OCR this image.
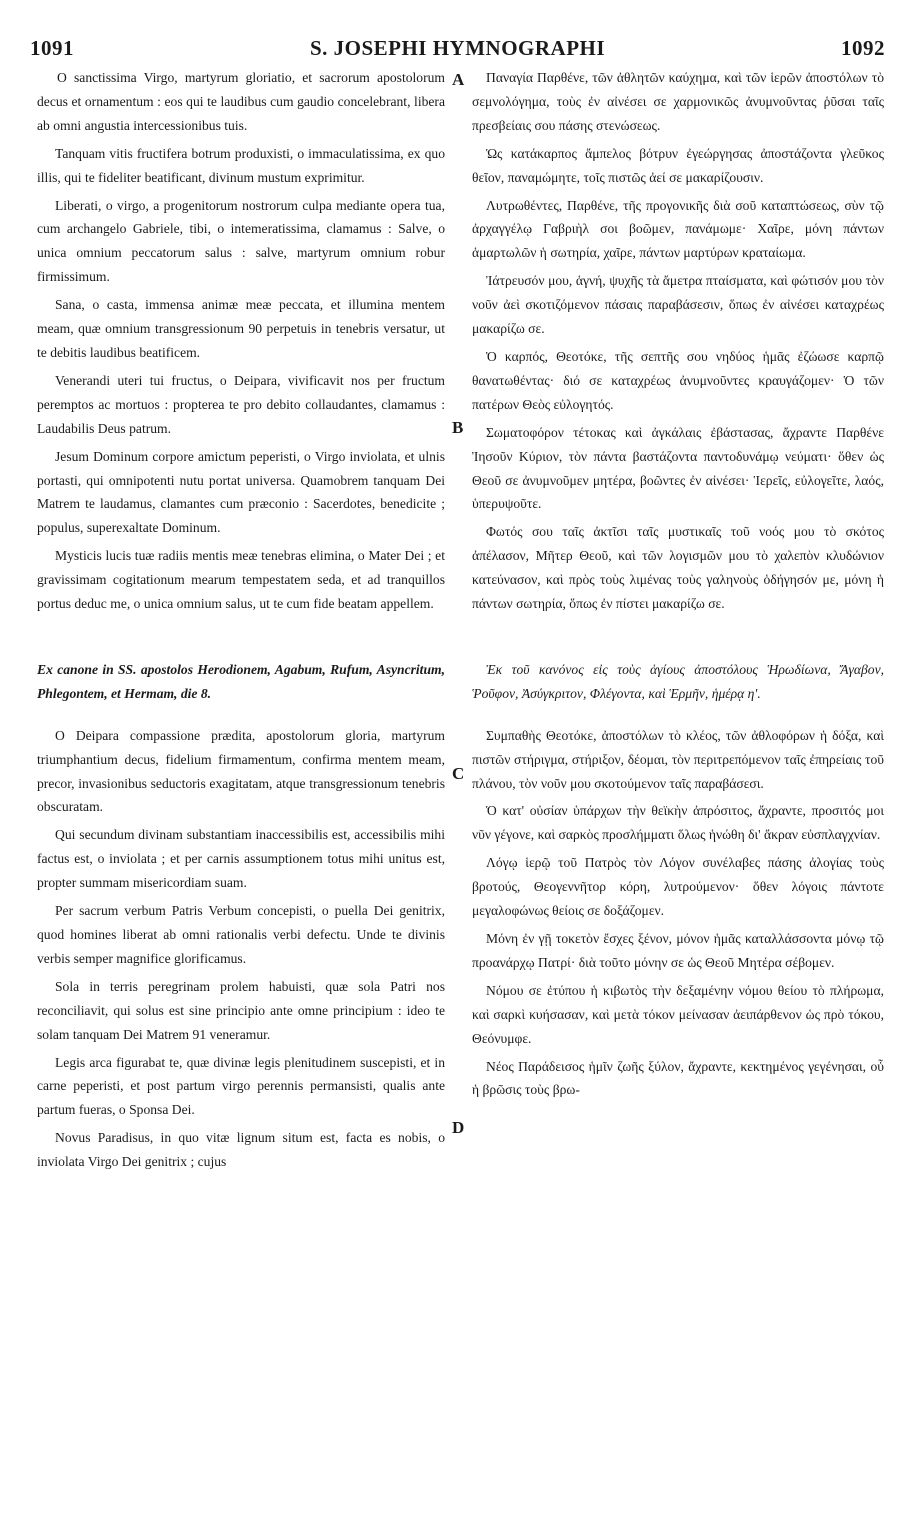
1091	S. JOSEPHI HYMNOGRAPHI	1092
A
B
C
D

O sanctissima Virgo, martyrum gloriatio, et sacrorum apostolorum decus et ornamentum : eos qui te laudibus cum gaudio concelebrant, libera ab omni angustia intercessionibus tuis.

Tanquam vitis fructifera botrum produxisti, o immaculatissima, ex quo illis, qui te fideliter beatificant, divinum mustum exprimitur.

Liberati, o virgo, a progenitorum nostrorum culpa mediante opera tua, cum archangelo Gabriele, tibi, o intemeratissima, clamamus : Salve, o unica omnium peccatorum salus : salve, martyrum omnium robur firmissimum.

Sana, o casta, immensa animæ meæ peccata, et illumina mentem meam, quæ omnium transgressionum 90 perpetuis in tenebris versatur, ut te debitis laudibus beatificem.

Venerandi uteri tui fructus, o Deipara, vivificavit nos per fructum peremptos ac mortuos : propterea te pro debito collaudantes, clamamus : Laudabilis Deus patrum.

Jesum Dominum corpore amictum peperisti, o Virgo inviolata, et ulnis portasti, qui omnipotenti nutu portat universa. Quamobrem tanquam Dei Matrem te laudamus, clamantes cum præconio : Sacerdotes, benedicite ; populus, superexaltate Dominum.

Mysticis lucis tuæ radiis mentis meæ tenebras elimina, o Mater Dei ; et gravissimam cogitationum mearum tempestatem seda, et ad tranquillos portus deduc me, o unica omnium salus, ut te cum fide beatam appellem.

Ex canone in SS. apostolos Herodionem, Agabum, Rufum, Asyncritum, Phlegontem, et Hermam, die 8.

O Deipara compassione prædita, apostolorum gloria, martyrum triumphantium decus, fidelium firmamentum, confirma mentem meam, precor, invasionibus seductoris exagitatam, atque transgressionum tenebris obscuratam.

Qui secundum divinam substantiam inaccessibilis est, accessibilis mihi factus est, o inviolata ; et per carnis assumptionem totus mihi unitus est, propter summam misericordiam suam.

Per sacrum verbum Patris Verbum concepisti, o puella Dei genitrix, quod homines liberat ab omni rationalis verbi defectu. Unde te divinis verbis semper magnifice glorificamus.

Sola in terris peregrinam prolem habuisti, quæ sola Patri nos reconciliavit, qui solus est sine principio ante omne principium : ideo te solam tanquam Dei Matrem 91 veneramur.

Legis arca figurabat te, quæ divinæ legis plenitudinem suscepisti, et in carne peperisti, et post partum virgo perennis permansisti, qualis ante partum fueras, o Sponsa Dei.

Novus Paradisus, in quo vitæ lignum situm est, facta es nobis, o inviolata Virgo Dei genitrix ; cujus

Παναγία Παρθένε, τῶν ἀθλητῶν καύχημα, καὶ τῶν ἱερῶν ἀποστόλων τὸ σεμνολόγημα, τοὺς ἐν αἰνέσει σε χαρμονικῶς ἀνυμνοῦντας ῥῦσαι ταῖς πρεσβείαις σου πάσης στενώσεως.

Ὡς κατάκαρπος ἄμπελος βότρυν ἐγεώργησας ἀποστάζοντα γλεῦκος θεῖον, παναμώμητε, τοῖς πιστῶς ἀεί σε μακαρίζουσιν.

Λυτρωθέντες, Παρθένε, τῆς προγονικῆς διὰ σοῦ καταπτώσεως, σὺν τῷ ἀρχαγγέλῳ Γαβριὴλ σοι βοῶμεν, πανάμωμε· Χαῖρε, μόνη πάντων ἁμαρτωλῶν ἡ σωτηρία, χαῖρε, πάντων μαρτύρων κραταίωμα.

Ἰάτρευσόν μου, ἁγνή, ψυχῆς τὰ ἄμετρα πταίσματα, καὶ φώτισόν μου τὸν νοῦν ἀεὶ σκοτιζόμενον πάσαις παραβάσεσιν, ὅπως ἐν αἰνέσει καταχρέως μακαρίζω σε.

Ὁ καρπός, Θεοτόκε, τῆς σεπτῆς σου νηδύος ἡμᾶς ἐζώωσε καρπῷ θανατωθέντας· διό σε καταχρέως ἀνυμνοῦντες κραυγάζομεν· Ὁ τῶν πατέρων Θεὸς εὐλογητός.

Σωματοφόρον τέτοκας καὶ ἀγκάλαις ἐβάστασας, ἄχραντε Παρθένε Ἰησοῦν Κύριον, τὸν πάντα βαστάζοντα παντοδυνάμῳ νεύματι· ὅθεν ὡς Θεοῦ σε ἀνυμνοῦμεν μητέρα, βοῶντες ἐν αἰνέσει· Ἱερεῖς, εὐλογεῖτε, λαός, ὑπερυψοῦτε.

Φωτός σου ταῖς ἀκτῖσι ταῖς μυστικαῖς τοῦ νοός μου τὸ σκότος ἀπέλασον, Μῆτερ Θεοῦ, καὶ τῶν λογισμῶν μου τὸ χαλεπὸν κλυδώνιον κατεύνασον, καὶ πρὸς τοὺς λιμένας τοὺς γαληνοὺς ὁδήγησόν με, μόνη ἡ πάντων σωτηρία, ὅπως ἐν πίστει μακαρίζω σε.

Ἐκ τοῦ κανόνος εἰς τοὺς ἁγίους ἀποστόλους Ἡρωδίωνα, Ἄγαβον, Ῥοῦφον, Ἀσύγκριτον, Φλέγοντα, καὶ Ἑρμῆν, ἡμέρᾳ η'.

Συμπαθὴς Θεοτόκε, ἀποστόλων τὸ κλέος, τῶν ἀθλοφόρων ἡ δόξα, καὶ πιστῶν στήριγμα, στήριξον, δέομαι, τὸν περιτρεπόμενον ταῖς ἐπηρείαις τοῦ πλάνου, τὸν νοῦν μου σκοτούμενον ταῖς παραβάσεσι.

Ὁ κατ' οὐσίαν ὑπάρχων τὴν θεϊκὴν ἀπρόσιτος, ἄχραντε, προσιτός μοι νῦν γέγονε, καὶ σαρκὸς προσλήμματι ὅλως ἡνώθη δι' ἄκραν εὐσπλαγχνίαν.

Λόγῳ ἱερῷ τοῦ Πατρὸς τὸν Λόγον συνέλαβες πάσης ἀλογίας τοὺς βροτούς, Θεογεννῆτορ κόρη, λυτρούμενον· ὅθεν λόγοις πάντοτε μεγαλοφώνως θείοις σε δοξάζομεν.

Μόνη ἐν γῇ τοκετὸν ἔσχες ξένον, μόνον ἡμᾶς καταλλάσσοντα μόνῳ τῷ προανάρχῳ Πατρί· διὰ τοῦτο μόνην σε ὡς Θεοῦ Μητέρα σέβομεν.

Νόμου σε ἐτύπου ἡ κιβωτὸς τὴν δεξαμένην νόμου θείου τὸ πλήρωμα, καὶ σαρκὶ κυήσασαν, καὶ μετὰ τόκον μείνασαν ἀειπάρθενον ὡς πρὸ τόκου, Θεόνυμφε.

Νέος Παράδεισος ἡμῖν ζωῆς ξύλον, ἄχραντε, κεκτημένος γεγένησαι, οὗ ἡ βρῶσις τοὺς βρω-
